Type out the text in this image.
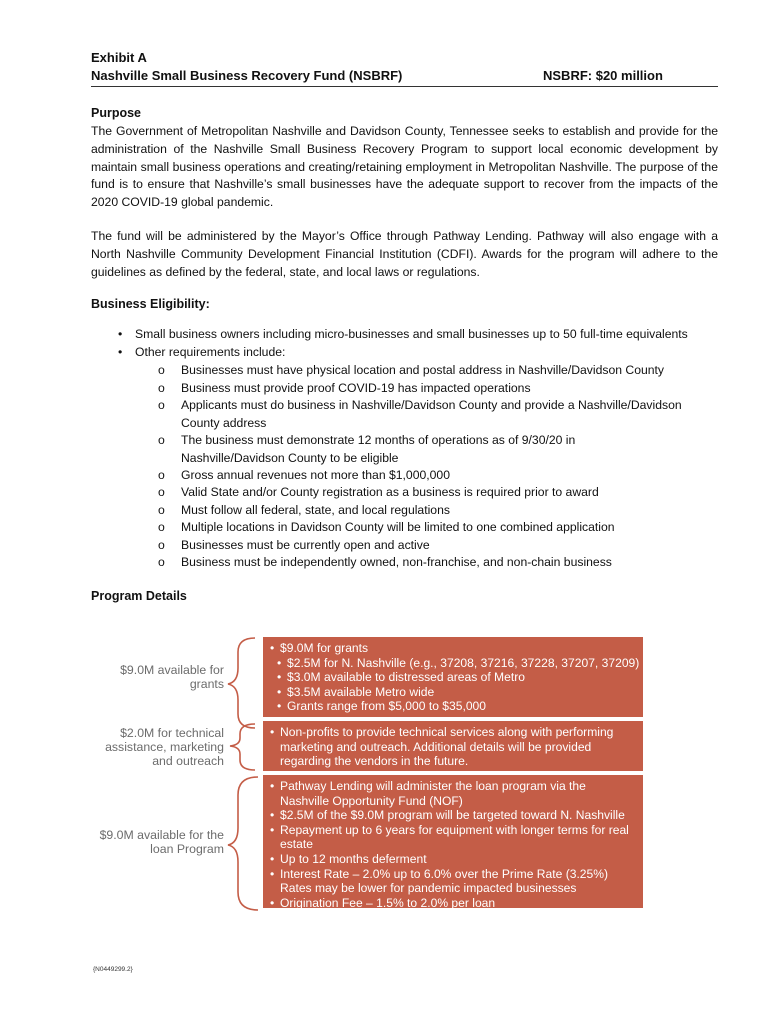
Exhibit A
Nashville Small Business Recovery Fund (NSBRF)	NSBRF: $20 million
Purpose
The Government of Metropolitan Nashville and Davidson County, Tennessee seeks to establish and provide for the administration of the Nashville Small Business Recovery Program to support local economic development by maintain small business operations and creating/retaining employment in Metropolitan Nashville. The purpose of the fund is to ensure that Nashville’s small businesses have the adequate support to recover from the impacts of the 2020 COVID-19 global pandemic.
The fund will be administered by the Mayor’s Office through Pathway Lending. Pathway will also engage with a North Nashville Community Development Financial Institution (CDFI). Awards for the program will adhere to the guidelines as defined by the federal, state, and local laws or regulations.
Business Eligibility:
• Small business owners including micro-businesses and small businesses up to 50 full-time equivalents
• Other requirements include:
o Businesses must have physical location and postal address in Nashville/Davidson County
o Business must provide proof COVID-19 has impacted operations
o Applicants must do business in Nashville/Davidson County and provide a Nashville/Davidson County address
o The business must demonstrate 12 months of operations as of 9/30/20 in Nashville/Davidson County to be eligible
o Gross annual revenues not more than $1,000,000
o Valid State and/or County registration as a business is required prior to award
o Must follow all federal, state, and local regulations
o Multiple locations in Davidson County will be limited to one combined application
o Businesses must be currently open and active
o Business must be independently owned, non-franchise, and non-chain business
Program Details
$9.0M available for grants
$2.0M for technical assistance, marketing and outreach
$9.0M available for the loan Program
• $9.0M for grants
• $2.5M for N. Nashville (e.g., 37208, 37216, 37228, 37207, 37209)
• $3.0M available to distressed areas of Metro
• $3.5M available Metro wide
• Grants range from $5,000 to $35,000
• Non-profits to provide technical services along with performing marketing and outreach. Additional details will be provided regarding the vendors in the future.
• Pathway Lending will administer the loan program via the Nashville Opportunity Fund (NOF)
• $2.5M of the $9.0M program will be targeted toward N. Nashville
• Repayment up to 6 years for equipment with longer terms for real estate
• Up to 12 months deferment
• Interest Rate – 2.0% up to 6.0% over the Prime Rate (3.25%) Rates may be lower for pandemic impacted businesses
• Origination Fee – 1.5% to 2.0% per loan
{N0449299.2}
